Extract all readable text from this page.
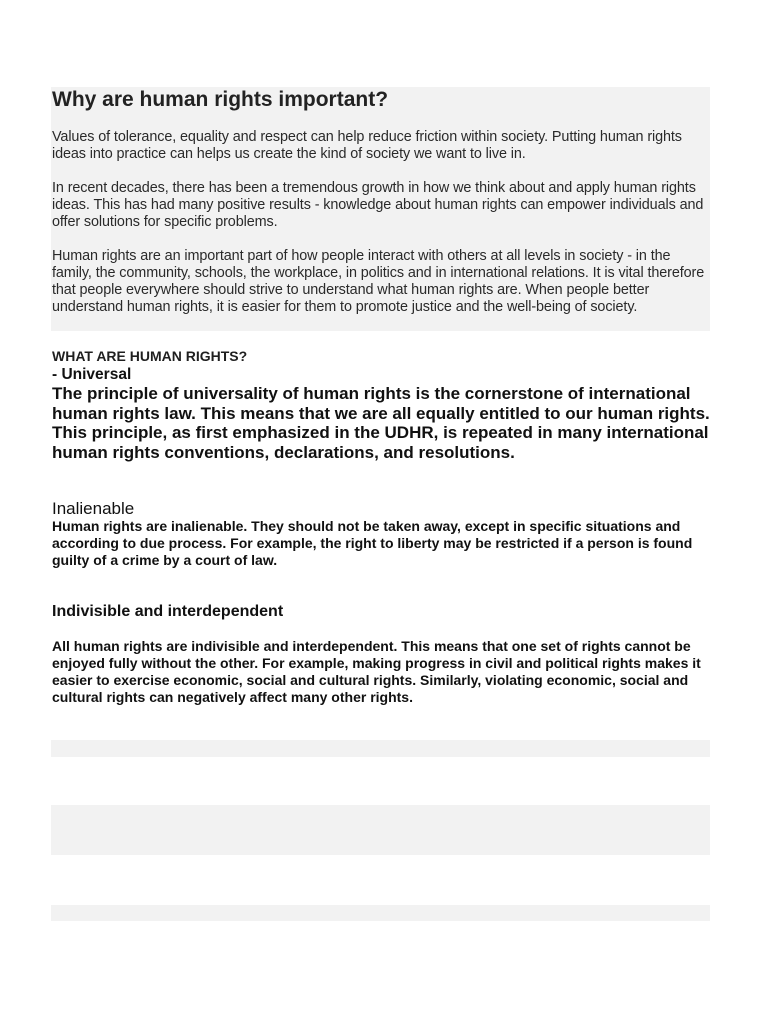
Why are human rights important?

Values of tolerance, equality and respect can help reduce friction within society. Putting human rights ideas into practice can helps us create the kind of society we want to live in.

In recent decades, there has been a tremendous growth in how we think about and apply human rights ideas. This has had many positive results - knowledge about human rights can empower individuals and offer solutions for specific problems.

Human rights are an important part of how people interact with others at all levels in society - in the family, the community, schools, the workplace, in politics and in international relations. It is vital therefore that people everywhere should strive to understand what human rights are. When people better understand human rights, it is easier for them to promote justice and the well-being of society.

WHAT ARE HUMAN RIGHTS?
- Universal

The principle of universality of human rights is the cornerstone of international human rights law. This means that we are all equally entitled to our human rights. This principle, as first emphasized in the UDHR, is repeated in many international human rights conventions, declarations, and resolutions.

Inalienable

Human rights are inalienable. They should not be taken away, except in specific situations and according to due process. For example, the right to liberty may be restricted if a person is found guilty of a crime by a court of law.

Indivisible and interdependent

All human rights are indivisible and interdependent. This means that one set of rights cannot be enjoyed fully without the other. For example, making progress in civil and political rights makes it easier to exercise economic, social and cultural rights. Similarly, violating economic, social and cultural rights can negatively affect many other rights.
